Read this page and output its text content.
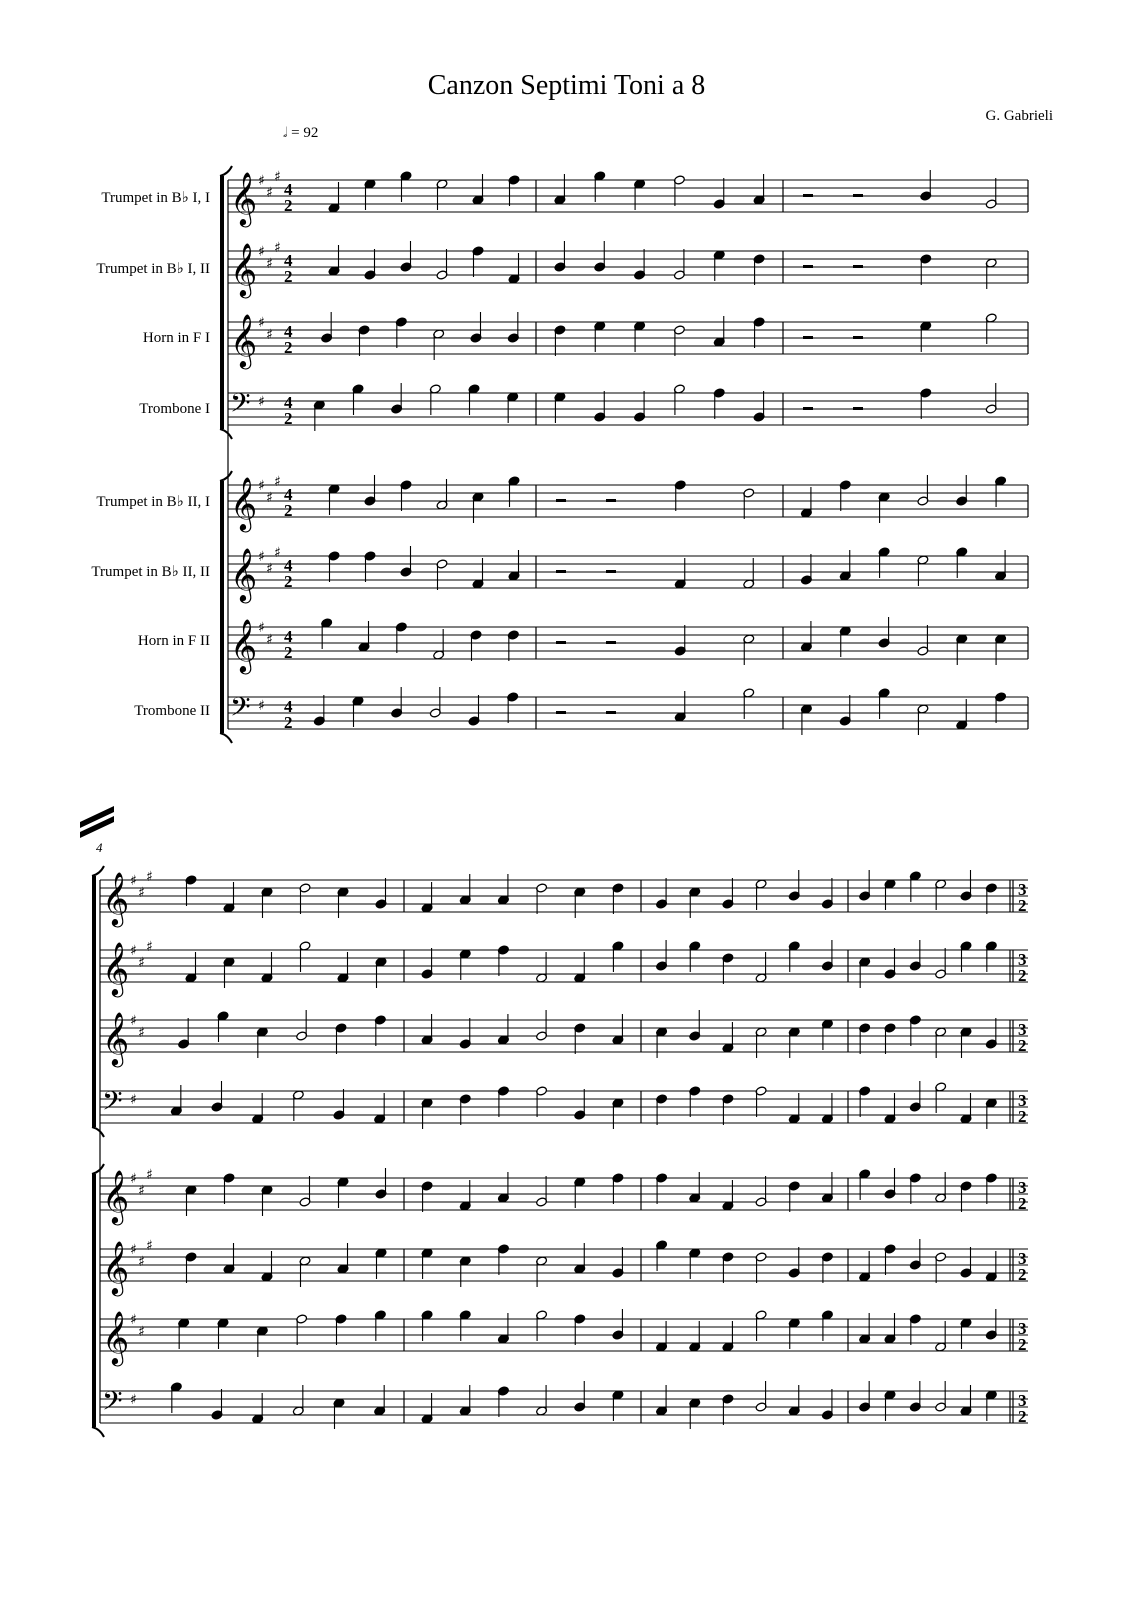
Canzon Septimi Toni a 8
G. Gabrieli
𝅗𝅥 = 92
Trumpet in B♭ I, I
Trumpet in B♭ I, II
Horn in F I
Trombone I
Trumpet in B♭ II, I
Trumpet in B♭ II, II
Horn in F II
Trombone II
4
𝄞 ♯
♯
♯
4
2
𝄞 ♯
♯
♯
4
2
𝄞 ♯
♯ 4
2
𝄢 ♯ 4
2
𝄞 ♯
♯
♯
4
2
𝄞 ♯
♯
♯
4
2
𝄞 ♯
♯ 4
2
𝄢 ♯ 4
2
𝄞 ♯
♯
♯
3
2
𝄞 ♯
♯
♯
3
2
𝄞 ♯
♯	3
2
𝄢 ♯	3
2
𝄞 ♯
♯
♯
3
2
𝄞 ♯
♯
♯
3
2
𝄞 ♯
♯	3
2
𝄢 ♯	3
2
